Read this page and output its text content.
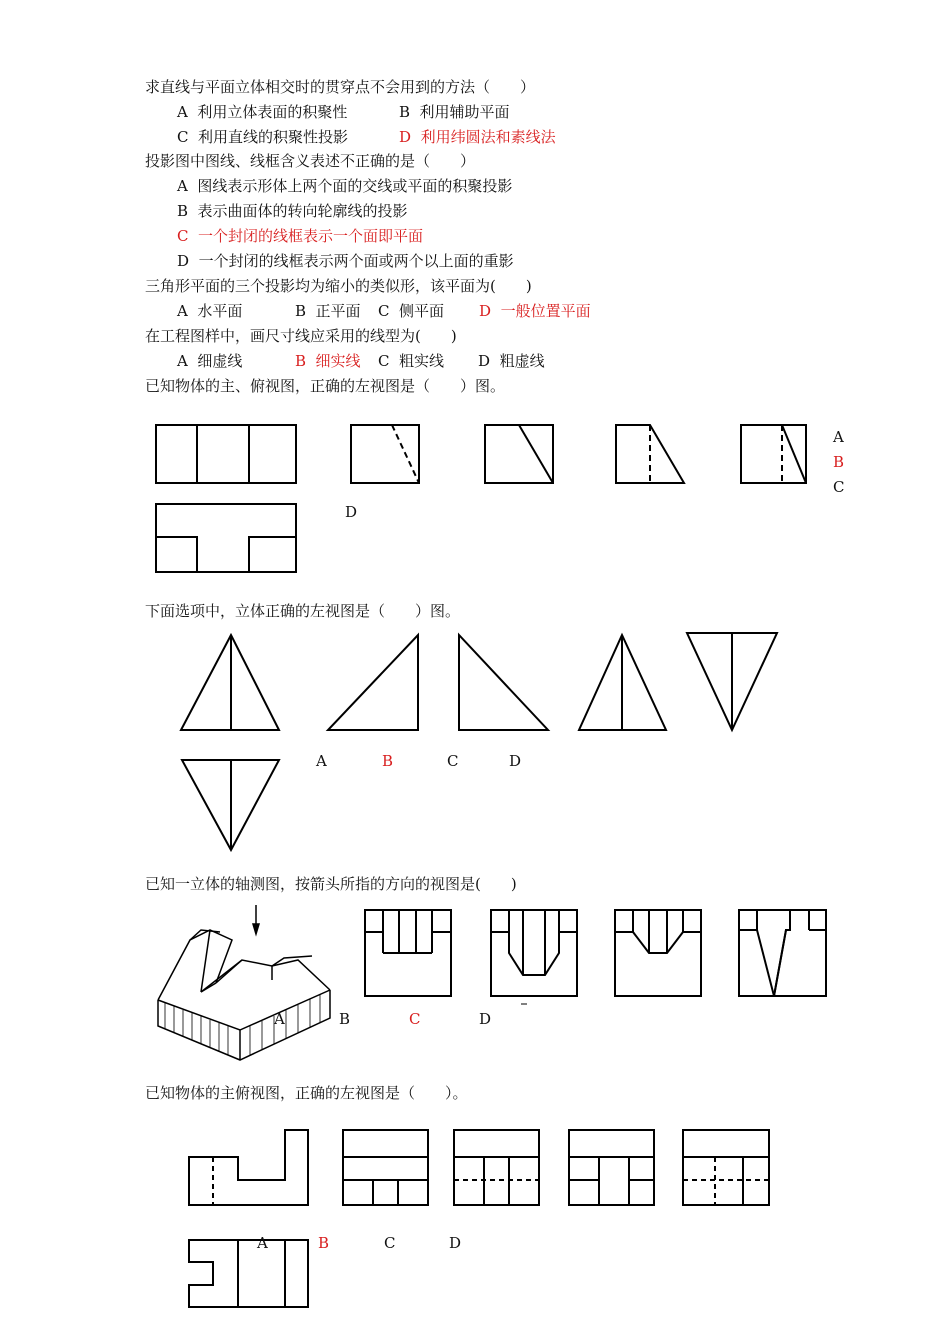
求直线与平面立体相交时的贯穿点不会用到的方法（　　）
A  利用立体表面的积聚性	B  利用辅助平面
C  利用直线的积聚性投影	D  利用纬圆法和素线法
投影图中图线、线框含义表述不正确的是（　　）
A  图线表示形体上两个面的交线或平面的积聚投影
B  表示曲面体的转向轮廓线的投影
C  一个封闭的线框表示一个面即平面
D  一个封闭的线框表示两个面或两个以上面的重影
三角形平面的三个投影均为缩小的类似形，该平面为(　　)
A  水平面	B  正平面 C  侧平面 D  一般位置平面
在工程图样中，画尺寸线应采用的线型为(　　)
A  细虚线	B  细实线 C  粗实线 D  粗虚线
已知物体的主、俯视图，正确的左视图是（　　）图。
A
B
C
D
下面选项中，立体正确的左视图是（　　）图。
A	B	C	D
已知一立体的轴测图，按箭头所指的方向的视图是(　　)
A	B	C	D
已知物体的主俯视图，正确的左视图是（　　）。
A	B	C	D
